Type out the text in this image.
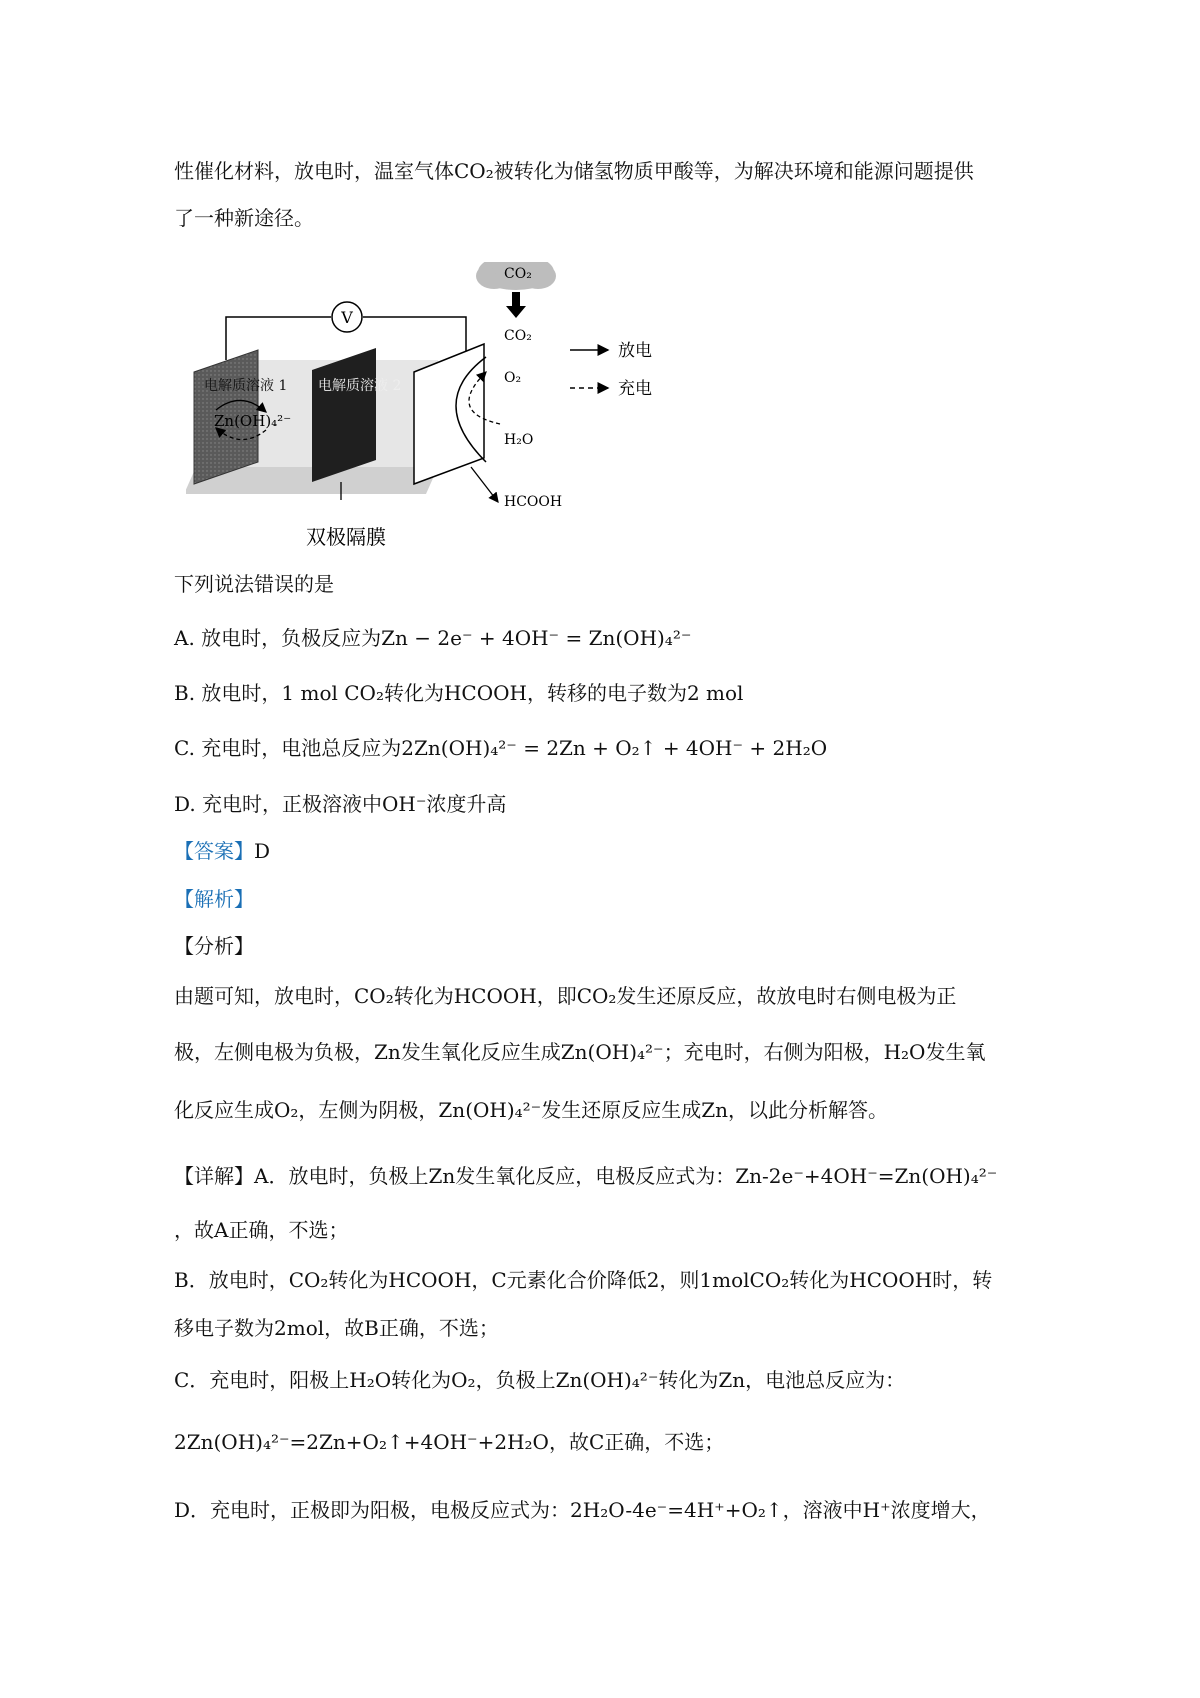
性催化材料，放电时，温室气体CO₂被转化为储氢物质甲酸等，为解决环境和能源问题提供
了一种新途径。
V
电解质溶液 1 电解质溶液 2
Zn(OH)₄²⁻
CO₂
CO₂
O₂
H₂O
HCOOH
放电
充电
双极隔膜
下列说法错误的是
A. 放电时，负极反应为Zn − 2e⁻ + 4OH⁻ = Zn(OH)₄²⁻
B. 放电时，1 mol CO₂转化为HCOOH，转移的电子数为2 mol
C. 充电时，电池总反应为2Zn(OH)₄²⁻ = 2Zn + O₂↑ + 4OH⁻ + 2H₂O
D. 充电时，正极溶液中OH⁻浓度升高
【答案】D
【解析】
【分析】
由题可知，放电时，CO₂转化为HCOOH，即CO₂发生还原反应，故放电时右侧电极为正
极，左侧电极为负极，Zn发生氧化反应生成Zn(OH)₄²⁻；充电时，右侧为阳极，H₂O发生氧
化反应生成O₂，左侧为阴极，Zn(OH)₄²⁻发生还原反应生成Zn，以此分析解答。
【详解】A．放电时，负极上Zn发生氧化反应，电极反应式为：Zn-2e⁻+4OH⁻=Zn(OH)₄²⁻
，故A正确，不选；
B．放电时，CO₂转化为HCOOH，C元素化合价降低2，则1molCO₂转化为HCOOH时，转
移电子数为2mol，故B正确，不选；
C．充电时，阳极上H₂O转化为O₂，负极上Zn(OH)₄²⁻转化为Zn，电池总反应为：
2Zn(OH)₄²⁻=2Zn+O₂↑+4OH⁻+2H₂O，故C正确，不选；
D．充电时，正极即为阳极，电极反应式为：2H₂O-4e⁻=4H⁺+O₂↑，溶液中H⁺浓度增大，
